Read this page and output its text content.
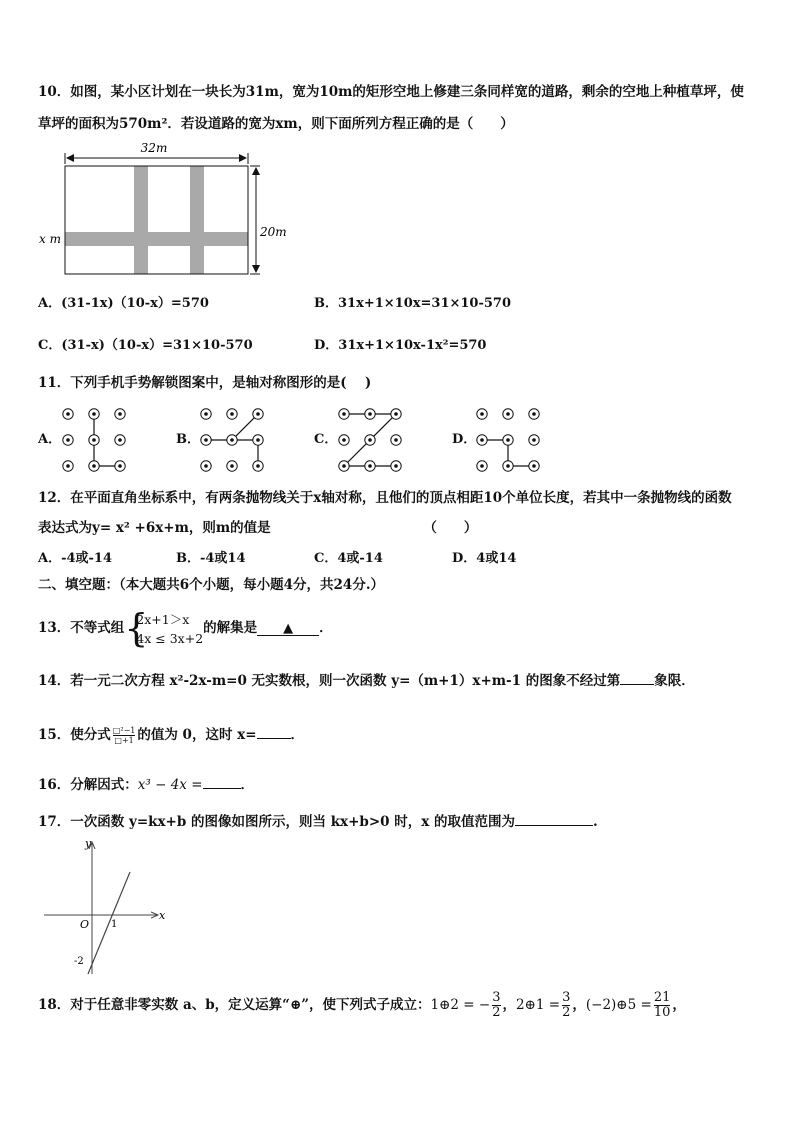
10．如图，某小区计划在一块长为31m，宽为10m的矩形空地上修建三条同样宽的道路，剩余的空地上种植草坪，使
草坪的面积为570m²．若设道路的宽为xm，则下面所列方程正确的是（　　）
32m
20m
x m
A．(31-1x)（10-x）=570	B．31x+1×10x=31×10-570
C．(31-x)（10-x）=31×10-570	D．31x+1×10x-1x²=570
11．下列手机手势解锁图案中，是轴对称图形的是(　 )
A．	B．	C．	D．
12．在平面直角坐标系中，有两条抛物线关于x轴对称，且他们的顶点相距10个单位长度，若其中一条抛物线的函数
表达式为y= x² +6x+m，则m的值是	（　　）
A．-4或-14	B．-4或14	C．4或-14	D．4或14
二、填空题：（本大题共6个小题，每小题4分，共24分.）
13．不等式组
{ 2x+1＞x
4x ≤ 3x+2
的解集是 ▲ ．
14．若一元二次方程 x²-2x-m=0 无实数根，则一次函数 y=（m+1）x+m-1 的图象不经过第	象限．
15．使分式 $\frac{\text{□²−1}}{□+1}$ 的值为 0，这时 x=	．
16．分解因式：x³ − 4x =	．
17．一次函数 y=kx+b 的图像如图所示，则当 kx+b>0 时，x 的取值范围为	.
x
y
O 1
-2
18．对于任意非零实数 a、b，定义运算“⊕”，使下列式子成立：1⊕2 = − $\frac{3}{2}$ ，2⊕1 = $\frac{3}{2}$ ，(−2)⊕5 = $\frac{21}{10}$ ，
